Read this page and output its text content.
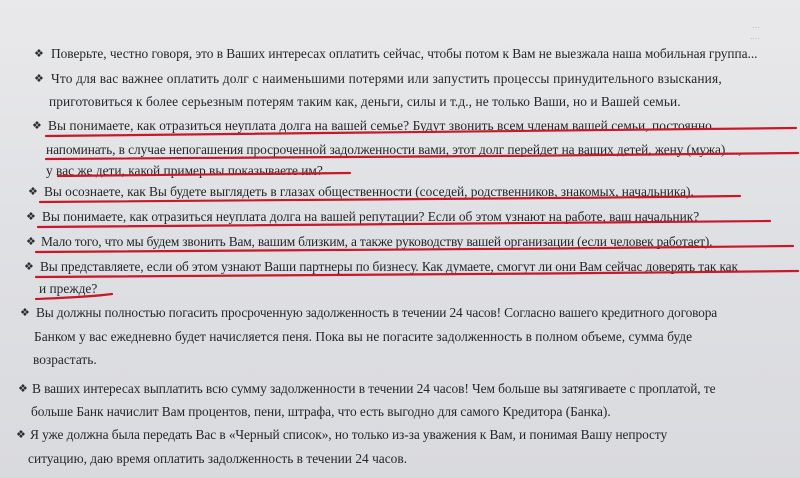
...
....
❖
❖
❖
❖
❖
❖
❖
❖
❖
❖
Поверьте, честно говоря, это в Ваших интересах оплатить сейчас, чтобы потом к Вам не выезжала наша мобильная группа...
Что для вас важнее оплатить долг с наименьшими потерями или запустить процессы принудительного взыскания,
приготовиться к более серьезным потерям таким как, деньги, силы и т.д., не только Ваши, но и Вашей семьи.
Вы понимаете, как отразиться неуплата долга на вашей семье? Будут звонить всем членам вашей семьи, постоянно
напоминать, в случае непогашения просроченной задолженности вами, этот долг перейдет на ваших детей, жену (мужа)....,
у вас же дети, какой пример вы показываете им?
Вы осознаете, как Вы будете выглядеть в глазах общественности (соседей, родственников, знакомых, начальника).
Вы понимаете, как отразиться неуплата долга на вашей репутации? Если об этом узнают на работе, ваш начальник?
Мало того, что мы будем звонить Вам, вашим близким, а также руководству вашей организации (если человек работает).
Вы представляете, если об этом узнают Ваши партнеры по бизнесу. Как думаете, смогут ли они Вам сейчас доверять так как
и прежде?
Вы должны полностью погасить просроченную задолженность в течении 24 часов! Согласно вашего кредитного договора
Банком у вас ежедневно будет начисляется пеня. Пока вы не погасите задолженность в полном объеме, сумма буде
возрастать.
В ваших интересах выплатить всю сумму задолженности в течении 24 часов! Чем больше вы затягиваете с проплатой, те
больше Банк начислит Вам процентов, пени, штрафа, что есть выгодно для самого Кредитора (Банка).
Я уже должна была передать Вас в «Черный список», но только из-за уважения к Вам, и понимая Вашу непросту
ситуацию, даю время оплатить задолженность в течении 24 часов.
